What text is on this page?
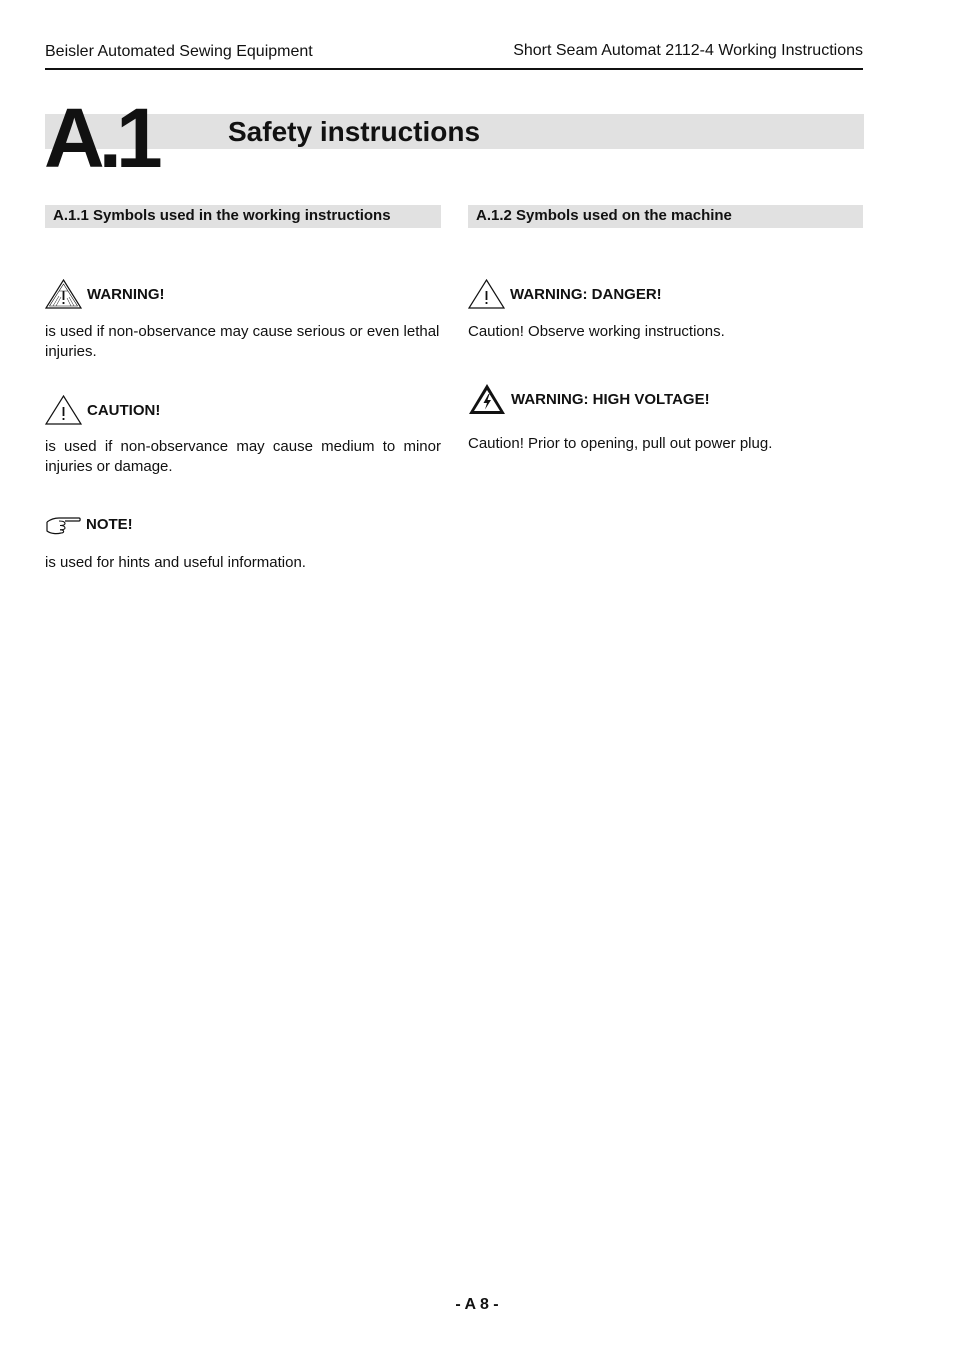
Beisler Automated Sewing Equipment	Short Seam Automat 2112-4 Working Instructions
A.1	Safety instructions
A.1.1 Symbols used in the working instructions	A.1.2 Symbols used on the machine
WARNING!
is used if non-observance may cause serious or even lethal injuries.
CAUTION!
is used if non-observance may cause medium to minor injuries or damage.
NOTE!
is used for hints and useful information.
WARNING: DANGER!
Caution! Observe working instructions.
WARNING: HIGH VOLTAGE!
Caution! Prior to opening, pull out power plug.
- A 8 -
